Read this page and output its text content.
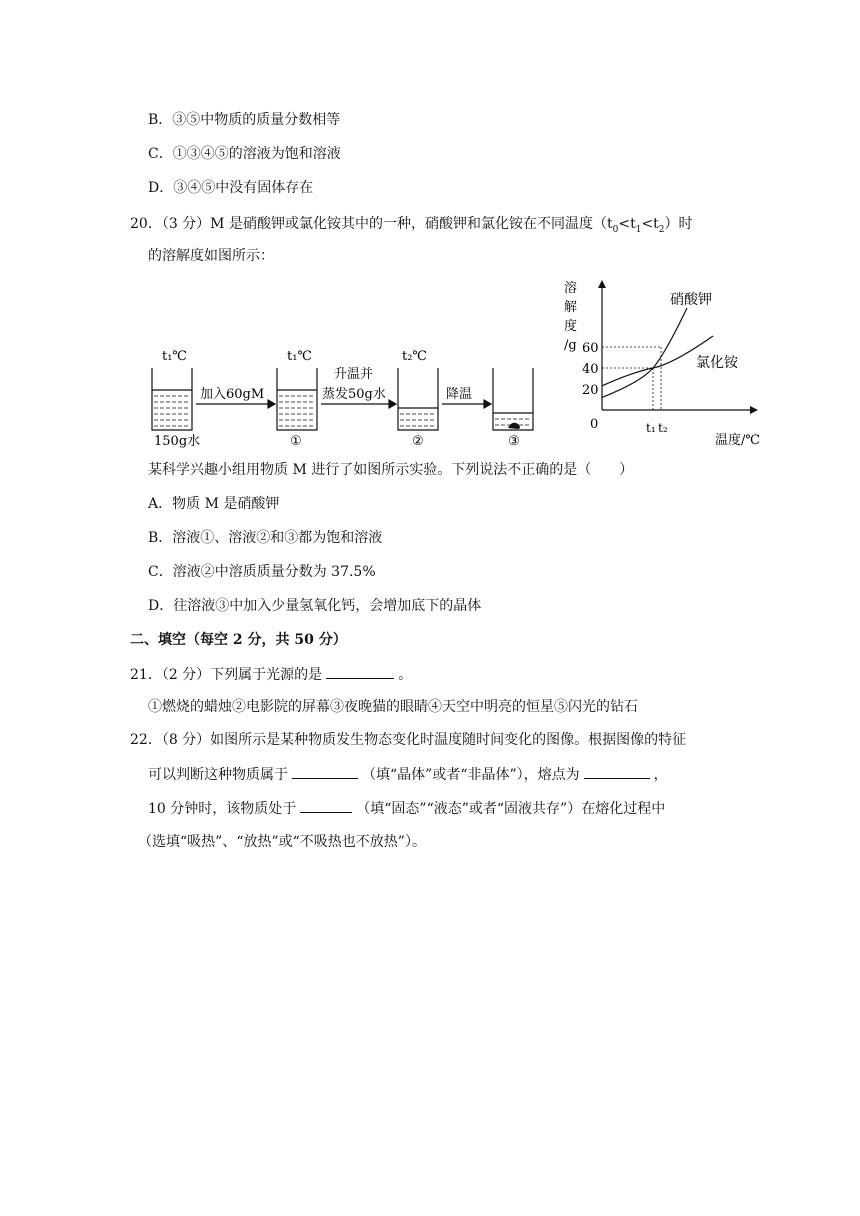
B．③⑤中物质的质量分数相等
C．①③④⑤的溶液为饱和溶液
D．③④⑤中没有固体存在
20．（3 分）M 是硝酸钾或氯化铵其中的一种，硝酸钾和氯化铵在不同温度$(t_0<t_1<t_2)$时
的溶解度如图所示：
t₁℃
150g水
加入60gM
t₁℃
①
升温并
蒸发50g水
t₂℃
②
降温
③
溶
解
度
/g
0
温度/℃
20
40
60
t₁ t₂
硝酸钾
氯化铵
某科学兴趣小组用物质 M 进行了如图所示实验。下列说法不正确的是（　　）
A．物质 M 是硝酸钾
B．溶液①、溶液②和③都为饱和溶液
C．溶液②中溶质质量分数为 37.5%
D．往溶液③中加入少量氢氧化钙，会增加底下的晶体
二、填空（每空 2 分，共 50 分）
21．（2 分）下列属于光源的是	。
①燃烧的蜡烛②电影院的屏幕③夜晚猫的眼睛④天空中明亮的恒星⑤闪光的钻石
22．（8 分）如图所示是某种物质发生物态变化时温度随时间变化的图像。根据图像的特征
可以判断这种物质属于	（填“晶体”或者“非晶体”），熔点为	，
10 分钟时，该物质处于	（填“固态”“液态”或者“固液共存”）在熔化过程中
（选填“吸热”、“放热”或“不吸热也不放热”）。
